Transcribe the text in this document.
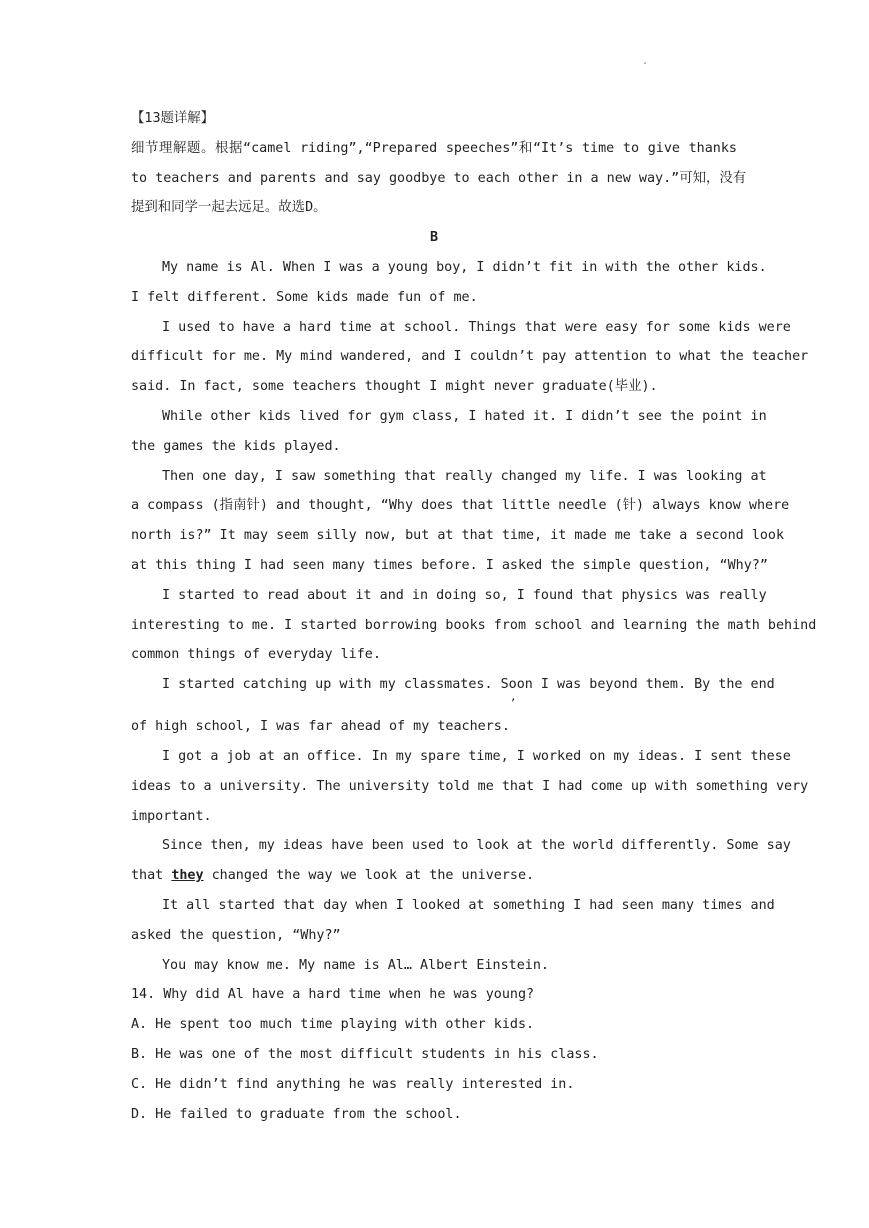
.
【13题详解】
细节理解题。根据“camel riding”,“Prepared speeches”和“It’s time to give thanks
to teachers and parents and say goodbye to each other in a new way.”可知，没有
提到和同学一起去远足。故选D。
B
My name is Al. When I was a young boy, I didn’t fit in with the other kids.
I felt different. Some kids made fun of me.
I used to have a hard time at school. Things that were easy for some kids were
difficult for me. My mind wandered, and I couldn’t pay attention to what the teacher
said. In fact, some teachers thought I might never graduate(毕业).
While other kids lived for gym class, I hated it. I didn’t see the point in
the games the kids played.
Then one day, I saw something that really changed my life. I was looking at
a compass (指南针) and thought, “Why does that little needle (针) always know where
north is?” It may seem silly now, but at that time, it made me take a second look
at this thing I had seen many times before. I asked the simple question, “Why?”
I started to read about it and in doing so, I found that physics was really
interesting to me. I started borrowing books from school and learning the math behind
common things of everyday life.
I started catching up with my classmates. Soon I was beyond them. By the end
,
of high school, I was far ahead of my teachers.
I got a job at an office. In my spare time, I worked on my ideas. I sent these
ideas to a university. The university told me that I had come up with something very
important.
Since then, my ideas have been used to look at the world differently. Some say
that they changed the way we look at the universe.
It all started that day when I looked at something I had seen many times and
asked the question, “Why?”
You may know me. My name is Al… Albert Einstein.
14. Why did Al have a hard time when he was young?
A. He spent too much time playing with other kids.
B. He was one of the most difficult students in his class.
C. He didn’t find anything he was really interested in.
D. He failed to graduate from the school.
